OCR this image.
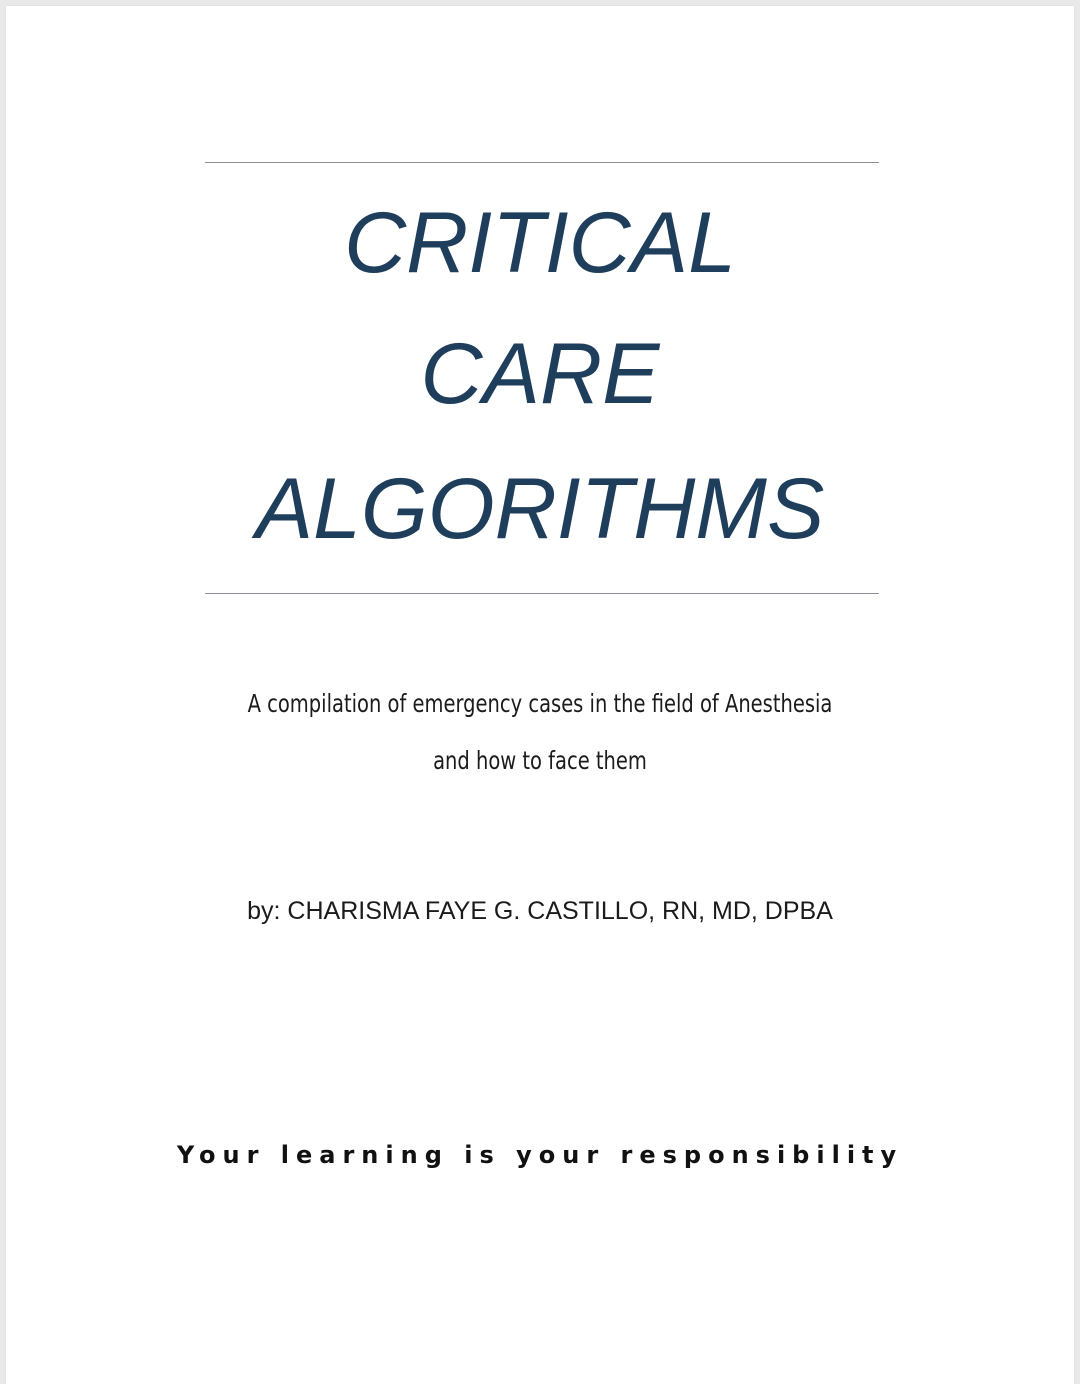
CRITICAL
CARE
ALGORITHMS

A compilation of emergency cases in the field of Anesthesia

and how to face them

by: CHARISMA FAYE G. CASTILLO, RN, MD, DPBA

Your learning is your responsibility
